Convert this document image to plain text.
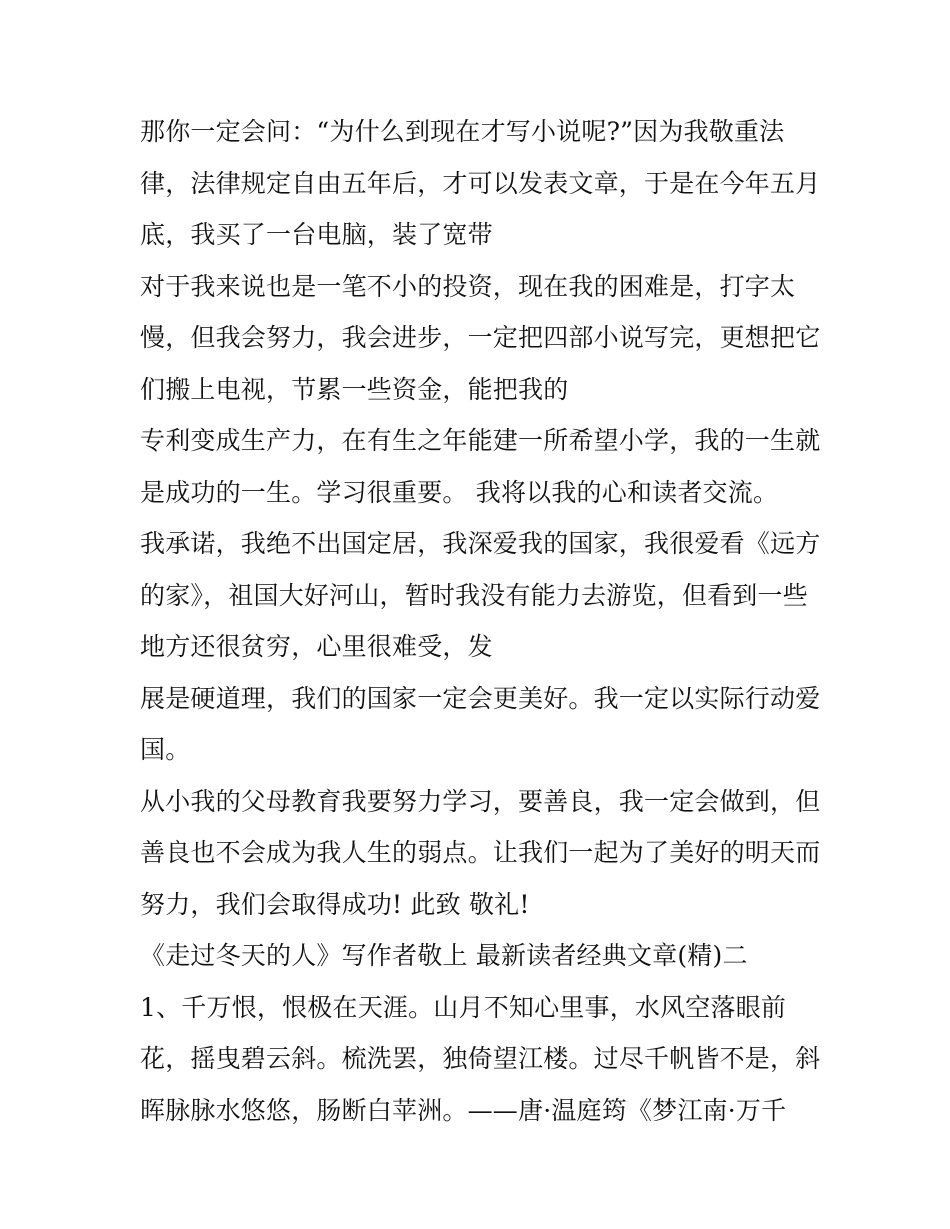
那你一定会问：“为什么到现在才写小说呢?”因为我敬重法
律，法律规定自由五年后，才可以发表文章，于是在今年五月
底，我买了一台电脑，装了宽带
对于我来说也是一笔不小的投资，现在我的困难是，打字太
慢，但我会努力，我会进步，一定把四部小说写完，更想把它
们搬上电视，节累一些资金，能把我的
专利变成生产力，在有生之年能建一所希望小学，我的一生就
是成功的一生。学习很重要。 我将以我的心和读者交流。
我承诺，我绝不出国定居，我深爱我的国家，我很爱看《远方
的家》，祖国大好河山，暂时我没有能力去游览，但看到一些
地方还很贫穷，心里很难受，发
展是硬道理，我们的国家一定会更美好。我一定以实际行动爱
国。
从小我的父母教育我要努力学习，要善良，我一定会做到，但
善良也不会成为我人生的弱点。让我们一起为了美好的明天而
努力，我们会取得成功! 此致 敬礼!
《走过冬天的人》写作者敬上 最新读者经典文章(精)二
1、千万恨，恨极在天涯。山月不知心里事，水风空落眼前
花，摇曳碧云斜。梳洗罢，独倚望江楼。过尽千帆皆不是，斜
晖脉脉水悠悠，肠断白苹洲。——唐·温庭筠《梦江南·万千
